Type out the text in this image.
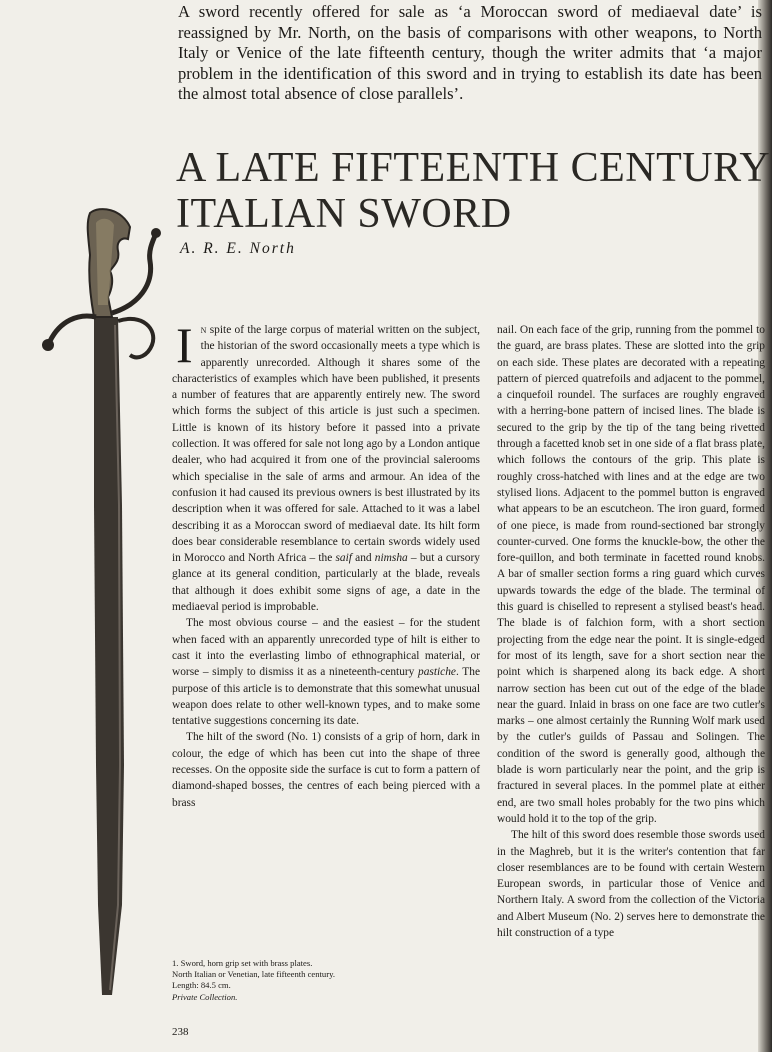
A sword recently offered for sale as ‘a Moroccan sword of mediaeval date’ is reassigned by Mr. North, on the basis of comparisons with other weapons, to North Italy or Venice of the late fifteenth century, though the writer admits that ‘a major problem in the identification of this sword and in trying to establish its date has been the almost total absence of close parallels’.

A LATE FIFTEENTH CENTURY
ITALIAN SWORD

A. R. E. North

In spite of the large corpus of material written on the subject, the historian of the sword occasionally meets a type which is apparently unrecorded. Although it shares some of the characteristics of examples which have been published, it presents a number of features that are apparently entirely new. The sword which forms the subject of this article is just such a specimen. Little is known of its history before it passed into a private collection. It was offered for sale not long ago by a London antique dealer, who had acquired it from one of the provincial salerooms which specialise in the sale of arms and armour. An idea of the confusion it had caused its previous owners is best illustrated by its description when it was offered for sale. Attached to it was a label describing it as a Moroccan sword of mediaeval date. Its hilt form does bear considerable resemblance to certain swords widely used in Morocco and North Africa – the saif and nimsha – but a cursory glance at its general condition, particularly at the blade, reveals that although it does exhibit some signs of age, a date in the mediaeval period is improbable.

The most obvious course – and the easiest – for the student when faced with an apparently unrecorded type of hilt is either to cast it into the everlasting limbo of ethnographical material, or worse – simply to dismiss it as a nineteenth-century pastiche. The purpose of this article is to demonstrate that this somewhat unusual weapon does relate to other well-known types, and to make some tentative suggestions concerning its date.

The hilt of the sword (No. 1) consists of a grip of horn, dark in colour, the edge of which has been cut into the shape of three recesses. On the opposite side the surface is cut to form a pattern of diamond-shaped bosses, the centres of each being pierced with a brass

nail. On each face of the grip, running from the pommel to the guard, are brass plates. These are slotted into the grip on each side. These plates are decorated with a repeating pattern of pierced quatrefoils and adjacent to the pommel, a cinquefoil roundel. The surfaces are roughly engraved with a herring-bone pattern of incised lines. The blade is secured to the grip by the tip of the tang being rivetted through a facetted knob set in one side of a flat brass plate, which follows the contours of the grip. This plate is roughly cross-hatched with lines and at the edge are two stylised lions. Adjacent to the pommel button is engraved what appears to be an escutcheon. The iron guard, formed of one piece, is made from round-sectioned bar strongly counter-curved. One forms the knuckle-bow, the other the fore-quillon, and both terminate in facetted round knobs. A bar of smaller section forms a ring guard which curves upwards towards the edge of the blade. The terminal of this guard is chiselled to represent a stylised beast's head. The blade is of falchion form, with a short section projecting from the edge near the point. It is single-edged for most of its length, save for a short section near the point which is sharpened along its back edge. A short narrow section has been cut out of the edge of the blade near the guard. Inlaid in brass on one face are two cutler's marks – one almost certainly the Running Wolf mark used by the cutler's guilds of Passau and Solingen. The condition of the sword is generally good, although the blade is worn particularly near the point, and the grip is fractured in several places. In the pommel plate at either end, are two small holes probably for the two pins which would hold it to the top of the grip.

The hilt of this sword does resemble those swords used in the Maghreb, but it is the writer's contention that far closer resemblances are to be found with certain Western European swords, in particular those of Venice and Northern Italy. A sword from the collection of the Victoria and Albert Museum (No. 2) serves here to demonstrate the hilt construction of a type

1. Sword, horn grip set with brass plates.
North Italian or Venetian, late fifteenth century.
Length: 84.5 cm.
Private Collection.

238
